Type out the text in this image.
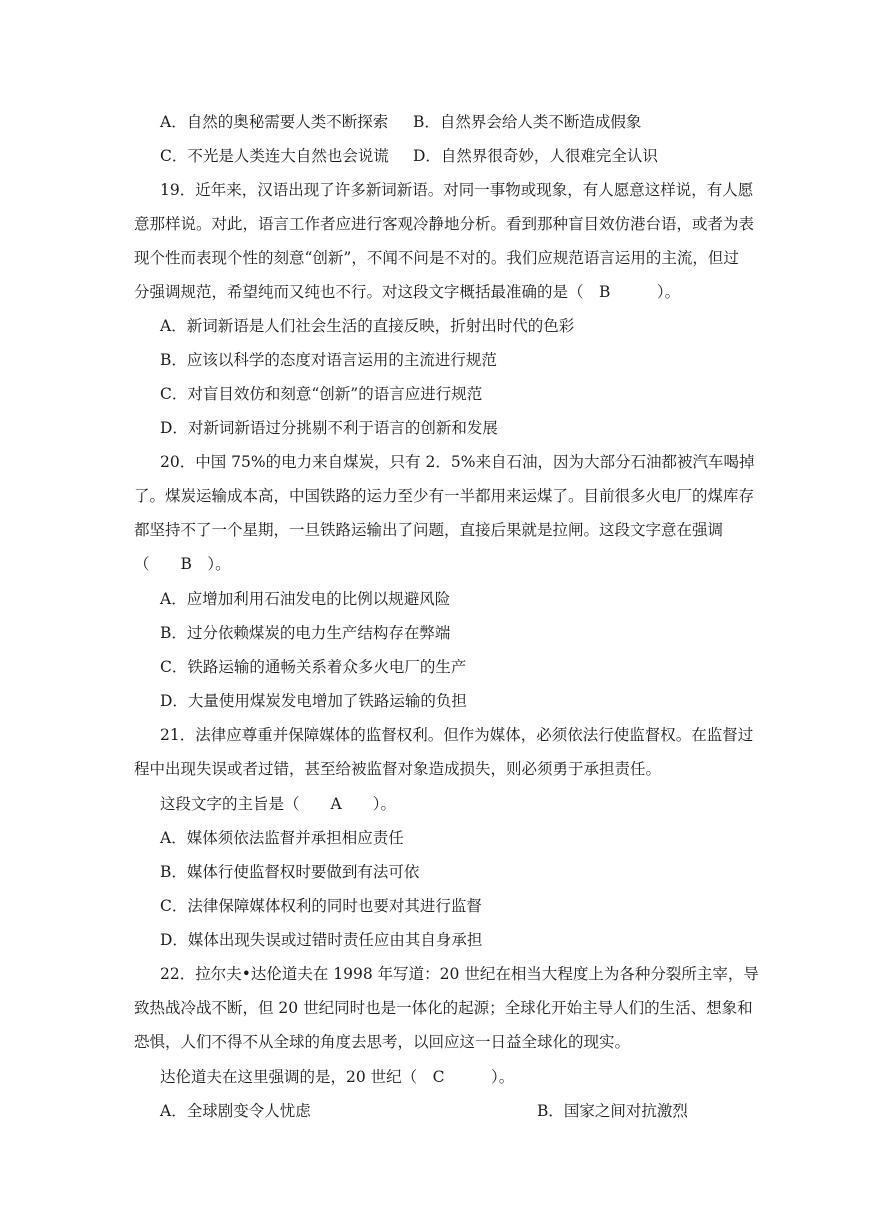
A．自然的奥秘需要人类不断探索 B．自然界会给人类不断造成假象
C．不光是人类连大自然也会说谎 D．自然界很奇妙，人很难完全认识
19．近年来，汉语出现了许多新词新语。对同一事物或现象，有人愿意这样说，有人愿
意那样说。对此，语言工作者应进行客观冷静地分析。看到那种盲目效仿港台语，或者为表
现个性而表现个性的刻意“创新”，不闻不问是不对的。我们应规范语言运用的主流，但过
分强调规范，希望纯而又纯也不行。对这段文字概括最准确的是（　B　　　）。
A．新词新语是人们社会生活的直接反映，折射出时代的色彩
B．应该以科学的态度对语言运用的主流进行规范
C．对盲目效仿和刻意“创新”的语言应进行规范
D．对新词新语过分挑剔不利于语言的创新和发展
20．中国 75%的电力来自煤炭，只有 2．5%来自石油，因为大部分石油都被汽车喝掉
了。煤炭运输成本高，中国铁路的运力至少有一半都用来运煤了。目前很多火电厂的煤库存
都坚持不了一个星期，一旦铁路运输出了问题，直接后果就是拉闸。这段文字意在强调
（　　B　）。
A．应增加利用石油发电的比例以规避风险
B．过分依赖煤炭的电力生产结构存在弊端
C．铁路运输的通畅关系着众多火电厂的生产
D．大量使用煤炭发电增加了铁路运输的负担
21．法律应尊重并保障媒体的监督权利。但作为媒体，必须依法行使监督权。在监督过
程中出现失误或者过错，甚至给被监督对象造成损失，则必须勇于承担责任。
这段文字的主旨是（　　A　　）。
A．媒体须依法监督并承担相应责任
B．媒体行使监督权时要做到有法可依
C．法律保障媒体权利的同时也要对其进行监督
D．媒体出现失误或过错时责任应由其自身承担
22．拉尔夫•达伦道夫在 1998 年写道：20 世纪在相当大程度上为各种分裂所主宰，导
致热战冷战不断，但 20 世纪同时也是一体化的起源；全球化开始主导人们的生活、想象和
恐惧，人们不得不从全球的角度去思考，以回应这一日益全球化的现实。
达伦道夫在这里强调的是，20 世纪（　C　　　）。
A．全球剧变令人忧虑	B．国家之间对抗激烈
